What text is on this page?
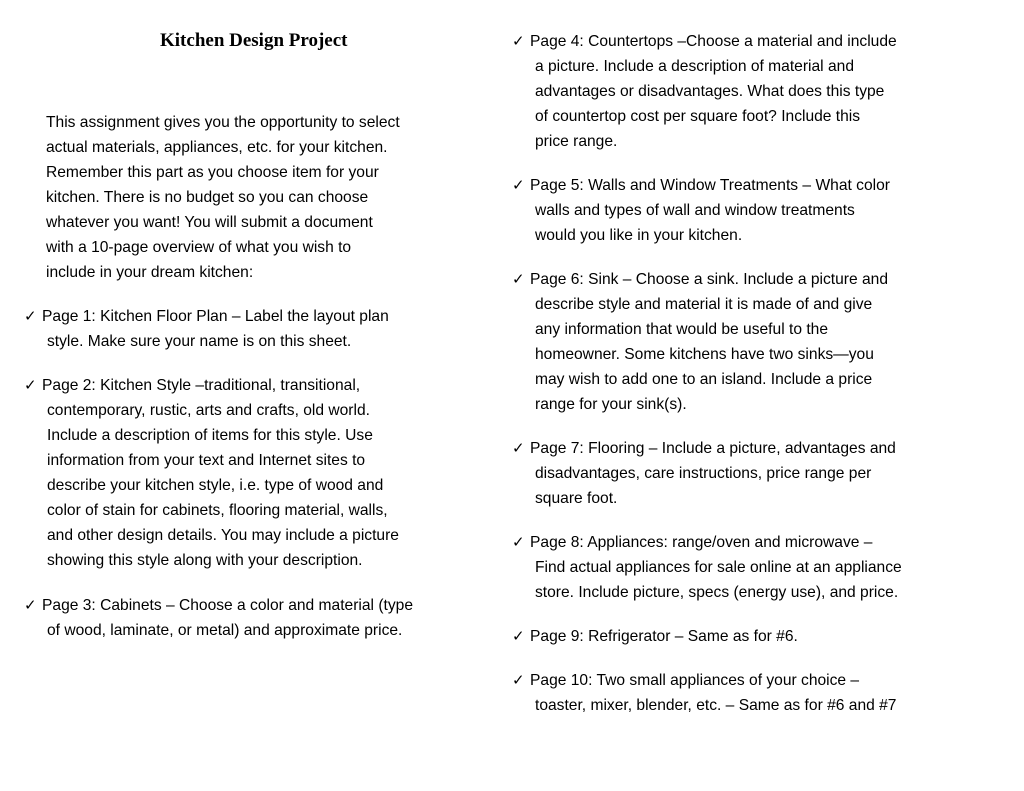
Kitchen Design Project
This assignment gives you the opportunity to select
actual materials, appliances, etc. for your kitchen.
Remember this part as you choose item for your
kitchen. There is no budget so you can choose
whatever you want! You will submit a document
with a 10-page overview of what you wish to
include in your dream kitchen:
✓ Page 1: Kitchen Floor Plan – Label the layout plan
style. Make sure your name is on this sheet.
✓ Page 2: Kitchen Style –traditional, transitional,
contemporary, rustic, arts and crafts, old world.
Include a description of items for this style. Use
information from your text and Internet sites to
describe your kitchen style, i.e. type of wood and
color of stain for cabinets, flooring material, walls,
and other design details. You may include a picture
showing this style along with your description.
✓ Page 3: Cabinets – Choose a color and material (type
of wood, laminate, or metal) and approximate price.
✓ Page 4: Countertops –Choose a material and include
a picture. Include a description of material and
advantages or disadvantages. What does this type
of countertop cost per square foot? Include this
price range.
✓ Page 5: Walls and Window Treatments – What color
walls and types of wall and window treatments
would you like in your kitchen.
✓ Page 6: Sink – Choose a sink. Include a picture and
describe style and material it is made of and give
any information that would be useful to the
homeowner. Some kitchens have two sinks—you
may wish to add one to an island. Include a price
range for your sink(s).
✓ Page 7: Flooring – Include a picture, advantages and
disadvantages, care instructions, price range per
square foot.
✓ Page 8: Appliances: range/oven and microwave –
Find actual appliances for sale online at an appliance
store. Include picture, specs (energy use), and price.
✓ Page 9: Refrigerator – Same as for #6.
✓ Page 10: Two small appliances of your choice –
toaster, mixer, blender, etc. – Same as for #6 and #7
